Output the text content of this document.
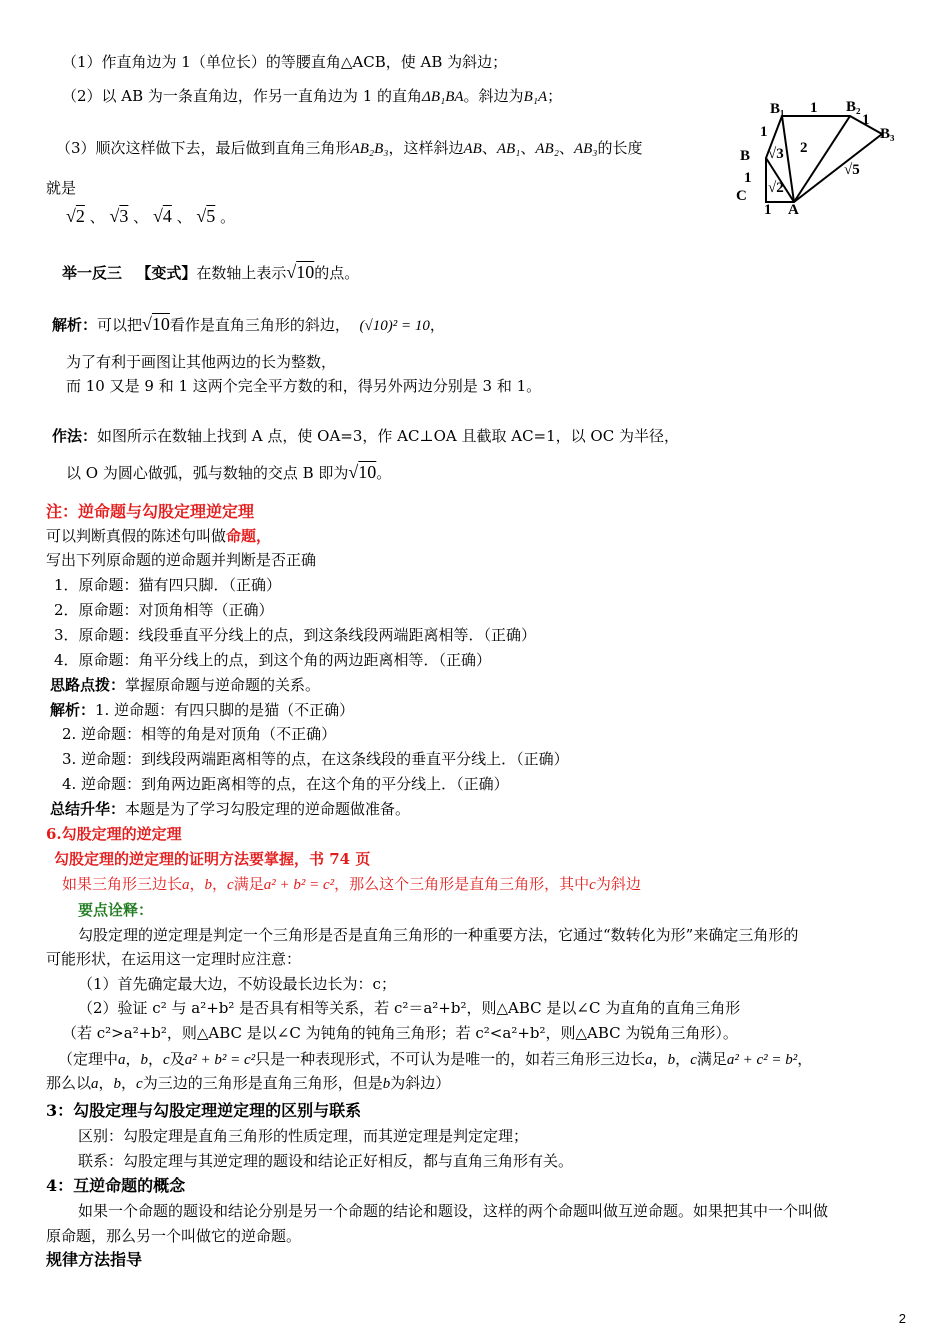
（1）作直角边为 1（单位长）的等腰直角△ACB，使 AB 为斜边；
（2）以 AB 为一条直角边，作另一直角边为 1 的直角ΔB₁BA。斜边为B₁A；
（3）顺次这样做下去，最后做到直角三角形AB₂B₃，这样斜边AB、AB₁、AB₂、AB₃的长度
就是
√2 、 √3 、 √4 、 √5 。
B₁ 1 B₂
1
B₃
1
B √3 2
1
√2
√5
C
1 A
举一反三 【变式】在数轴上表示√10的点。
解析：可以把√10看作是直角三角形的斜边， (√10)² = 10，
为了有利于画图让其他两边的长为整数，
而 10 又是 9 和 1 这两个完全平方数的和，得另外两边分别是 3 和 1。
作法：如图所示在数轴上找到 A 点，使 OA=3，作 AC⊥OA 且截取 AC=1，以 OC 为半径，
以 O 为圆心做弧，弧与数轴的交点 B 即为√10。
注：逆命题与勾股定理逆定理
可以判断真假的陈述句叫做命题，
写出下列原命题的逆命题并判断是否正确
1．原命题：猫有四只脚．（正确）
2．原命题：对顶角相等（正确）
3．原命题：线段垂直平分线上的点，到这条线段两端距离相等．（正确）
4．原命题：角平分线上的点，到这个角的两边距离相等．（正确）
思路点拨：掌握原命题与逆命题的关系。
解析：1. 逆命题：有四只脚的是猫（不正确）
2. 逆命题：相等的角是对顶角（不正确）
3. 逆命题：到线段两端距离相等的点，在这条线段的垂直平分线上．（正确）
4. 逆命题：到角两边距离相等的点，在这个角的平分线上．（正确）
总结升华：本题是为了学习勾股定理的逆命题做准备。
6.勾股定理的逆定理
勾股定理的逆定理的证明方法要掌握，书 74 页
如果三角形三边长a，b，c满足a² + b² = c²，那么这个三角形是直角三角形，其中c为斜边
要点诠释：
勾股定理的逆定理是判定一个三角形是否是直角三角形的一种重要方法，它通过“数转化为形”来确定三角形的
可能形状，在运用这一定理时应注意：
（1）首先确定最大边，不妨设最长边长为：c；
（2）验证 c² 与 a²+b² 是否具有相等关系，若 c²＝a²+b²，则△ABC 是以∠C 为直角的直角三角形
（若 c²>a²+b²，则△ABC 是以∠C 为钝角的钝角三角形；若 c²<a²+b²，则△ABC 为锐角三角形）。
（定理中a，b，c及a² + b² = c²只是一种表现形式，不可认为是唯一的，如若三角形三边长a，b，c满足a² + c² = b²，
那么以a，b，c为三边的三角形是直角三角形，但是b为斜边）
3：勾股定理与勾股定理逆定理的区别与联系
区别：勾股定理是直角三角形的性质定理，而其逆定理是判定定理；
联系：勾股定理与其逆定理的题设和结论正好相反，都与直角三角形有关。
4：互逆命题的概念
如果一个命题的题设和结论分别是另一个命题的结论和题设，这样的两个命题叫做互逆命题。如果把其中一个叫做
原命题，那么另一个叫做它的逆命题。
规律方法指导
2
